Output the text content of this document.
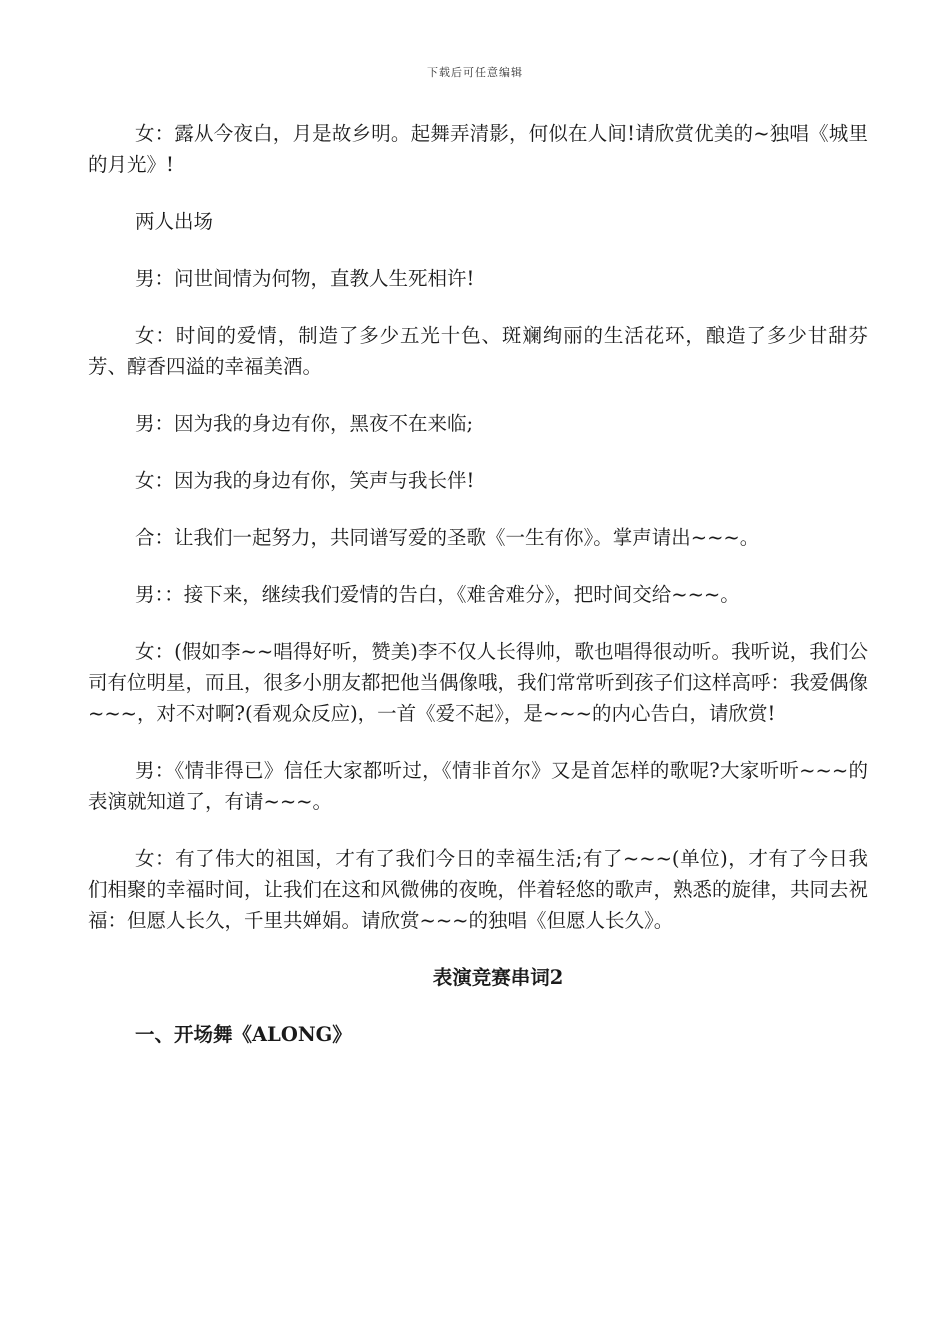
下载后可任意编辑

女：露从今夜白，月是故乡明。起舞弄清影，何似在人间!请欣赏优美的~独唱《城里的月光》!

两人出场

男：问世间情为何物，直教人生死相许!

女：时间的爱情，制造了多少五光十色、斑斓绚丽的生活花环，酿造了多少甘甜芬芳、醇香四溢的幸福美酒。

男：因为我的身边有你，黑夜不在来临;

女：因为我的身边有你，笑声与我长伴!

合：让我们一起努力，共同谱写爱的圣歌《一生有你》。掌声请出~~~。

男：：接下来，继续我们爱情的告白，《难舍难分》，把时间交给~~~。

女：(假如李~~唱得好听，赞美)李不仅人长得帅，歌也唱得很动听。我听说，我们公司有位明星，而且，很多小朋友都把他当偶像哦，我们常常听到孩子们这样高呼：我爱偶像~~~，对不对啊?(看观众反应)，一首《爱不起》，是~~~的内心告白，请欣赏!

男：《情非得已》信任大家都听过，《情非首尔》又是首怎样的歌呢?大家听听~~~的表演就知道了，有请~~~。

女：有了伟大的祖国，才有了我们今日的幸福生活;有了~~~(单位)，才有了今日我们相聚的幸福时间，让我们在这和风微佛的夜晚，伴着轻悠的歌声，熟悉的旋律，共同去祝福：但愿人长久，千里共婵娟。请欣赏~~~的独唱《但愿人长久》。

表演竞赛串词2
一、开场舞《ALONG》
